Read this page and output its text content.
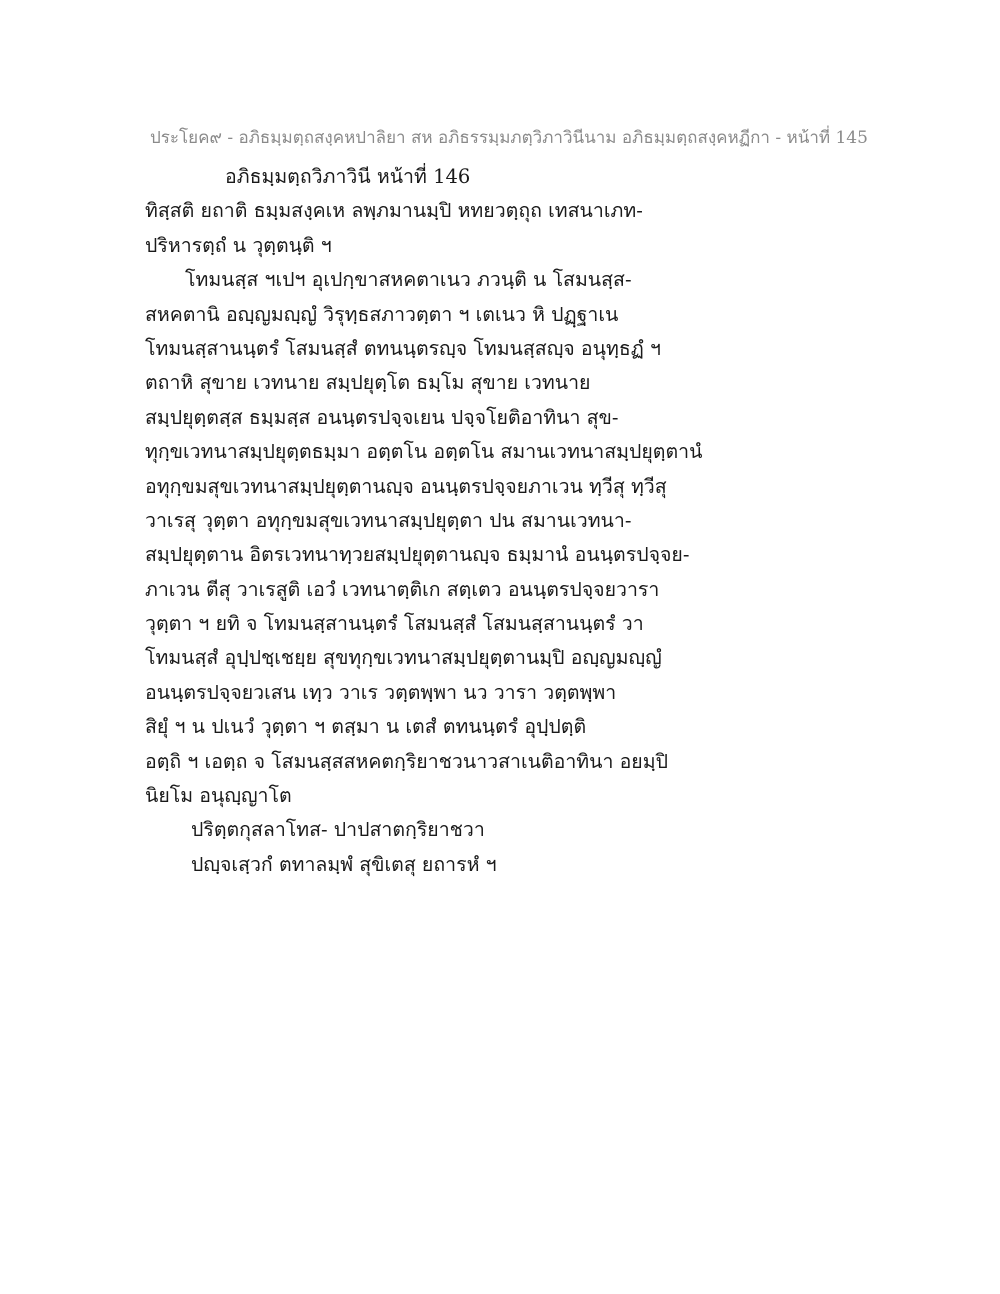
ประโยค๙ - อภิธมฺมตฺถสงฺคหปาลิยา สห อภิธรรมฺมภตฺวิภาวินีนาม อภิธมฺมตฺถสงฺคหฏีกา - หน้าที่ 145
อภิธมฺมตฺถวิภาวินี หน้าที่ 146
ทิสฺสติ ยถาติ ธมฺมสงฺคเห ลพฺภมานมฺปิ หทยวตฺถุถ เทสนาเภท-
ปริหารตฺถํ น วุตฺตนฺติ ฯ
โทมนสฺส ฯเปฯ อุเปกฺขาสหคตาเนว ภวนฺติ น โสมนสฺส-
สหคตานิ อญฺญมญฺญํ วิรุทฺธสภาวตฺตา ฯ เตเนว หิ ปฏฺฐาเน
โทมนสฺสานนฺตรํ โสมนสฺสํ ตทนนฺตรญฺจ โทมนสฺสญฺจ อนุทฺธฏํ ฯ
ตถาหิ สุขาย เวทนาย สมฺปยุตฺโต ธมฺโม สุขาย เวทนาย
สมฺปยุตฺตสฺส ธมฺมสฺส อนนฺตรปจฺจเยน ปจฺจโยติอาทินา สุข-
ทุกฺขเวทนาสมฺปยุตฺตธมฺมา อตฺตโน อตฺตโน สมานเวทนาสมฺปยุตฺตานํ
อทุกฺขมสุขเวทนาสมฺปยุตฺตานญฺจ อนนฺตรปจฺจยภาเวน ทฺวีสุ ทฺวีสุ
วาเรสุ วุตฺตา อทุกฺขมสุขเวทนาสมฺปยุตฺตา ปน สมานเวทนา-
สมฺปยุตฺตาน อิตรเวทนาทฺวยสมฺปยุตฺตานญฺจ ธมฺมานํ อนนฺตรปจฺจย-
ภาเวน ตีสุ วาเรสูติ เอวํ เวทนาตฺติเก สตฺเตว อนนฺตรปจฺจยวารา
วุตฺตา ฯ ยทิ จ โทมนสฺสานนฺตรํ โสมนสฺสํ โสมนสฺสานนฺตรํ วา
โทมนสฺสํ อุปฺปชฺเชยฺย สุขทุกฺขเวทนาสมฺปยุตฺตานมฺปิ อญฺญมญฺญํ
อนนฺตรปจฺจยวเสน เทฺว วาเร วตฺตพฺพา นว วารา วตฺตพฺพา
สิยุํ ฯ น ปเนวํ วุตฺตา ฯ ตสฺมา น เตสํ ตทนนฺตรํ อุปฺปตฺติ
อตฺถิ ฯ เอตฺถ จ โสมนสฺสสหคตกฺริยาชวนาวสาเนติอาทินา อยมฺปิ
นิยโม อนุญฺญาโต
ปริตฺตกุสลาโทส- ปาปสาตกฺริยาชวา
ปญฺจเสฺวกํ ตทาลมฺพํ สุขิเตสุ ยถารหํ ฯ
